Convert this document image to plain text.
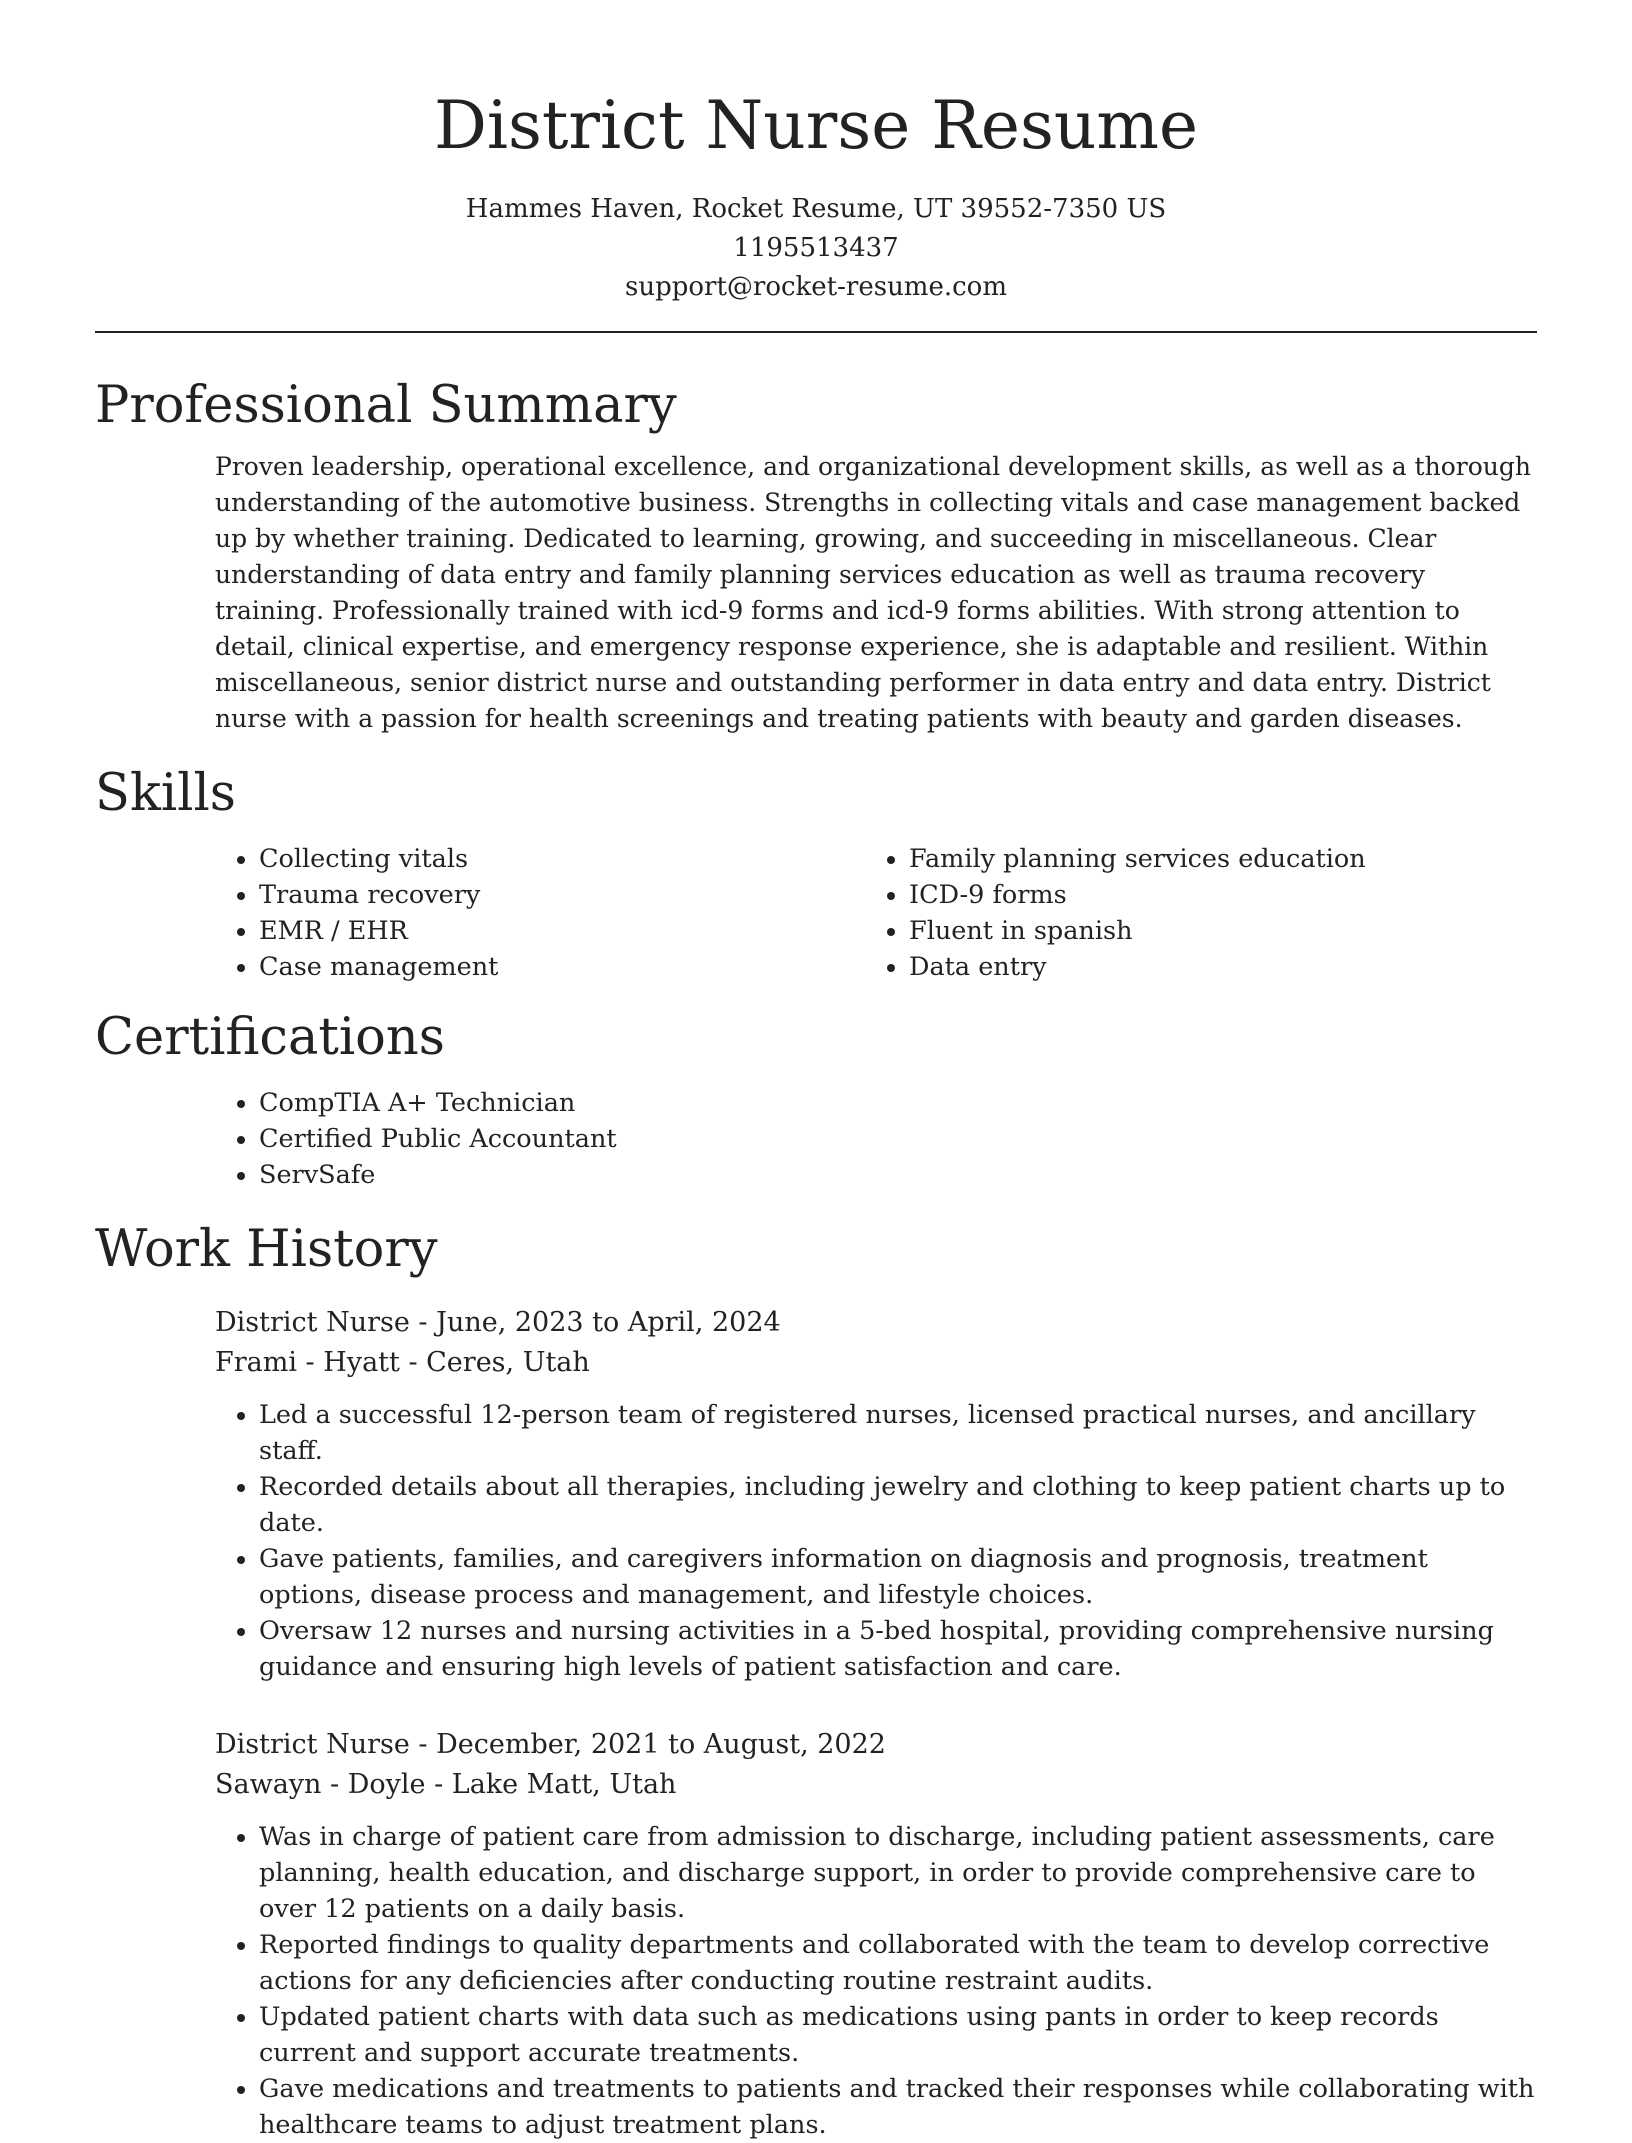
District Nurse Resume
Hammes Haven, Rocket Resume, UT 39552-7350 US
1195513437
support@rocket-resume.com
Professional Summary

Proven leadership, operational excellence, and organizational development skills, as well as a thorough understanding of the automotive business. Strengths in collecting vitals and case management backed up by whether training. Dedicated to learning, growing, and succeeding in miscellaneous. Clear understanding of data entry and family planning services education as well as trauma recovery training. Professionally trained with icd-9 forms and icd-9 forms abilities. With strong attention to detail, clinical expertise, and emergency response experience, she is adaptable and resilient. Within miscellaneous, senior district nurse and outstanding performer in data entry and data entry. District nurse with a passion for health screenings and treating patients with beauty and garden diseases.

Skills
• Collecting vitals
• Trauma recovery
• EMR / EHR
• Case management
• Family planning services education
• ICD-9 forms
• Fluent in spanish
• Data entry
Certifications
• CompTIA A+ Technician
• Certified Public Accountant
• ServSafe
Work History
District Nurse - June, 2023 to April, 2024
Frami - Hyatt - Ceres, Utah
• Led a successful 12-person team of registered nurses, licensed practical nurses, and ancillary staff.
• Recorded details about all therapies, including jewelry and clothing to keep patient charts up to date.
• Gave patients, families, and caregivers information on diagnosis and prognosis, treatment options, disease process and management, and lifestyle choices.
• Oversaw 12 nurses and nursing activities in a 5-bed hospital, providing comprehensive nursing guidance and ensuring high levels of patient satisfaction and care.
District Nurse - December, 2021 to August, 2022
Sawayn - Doyle - Lake Matt, Utah
• Was in charge of patient care from admission to discharge, including patient assessments, care planning, health education, and discharge support, in order to provide comprehensive care to over 12 patients on a daily basis.
• Reported findings to quality departments and collaborated with the team to develop corrective actions for any deficiencies after conducting routine restraint audits.
• Updated patient charts with data such as medications using pants in order to keep records current and support accurate treatments.
• Gave medications and treatments to patients and tracked their responses while collaborating with healthcare teams to adjust treatment plans.
